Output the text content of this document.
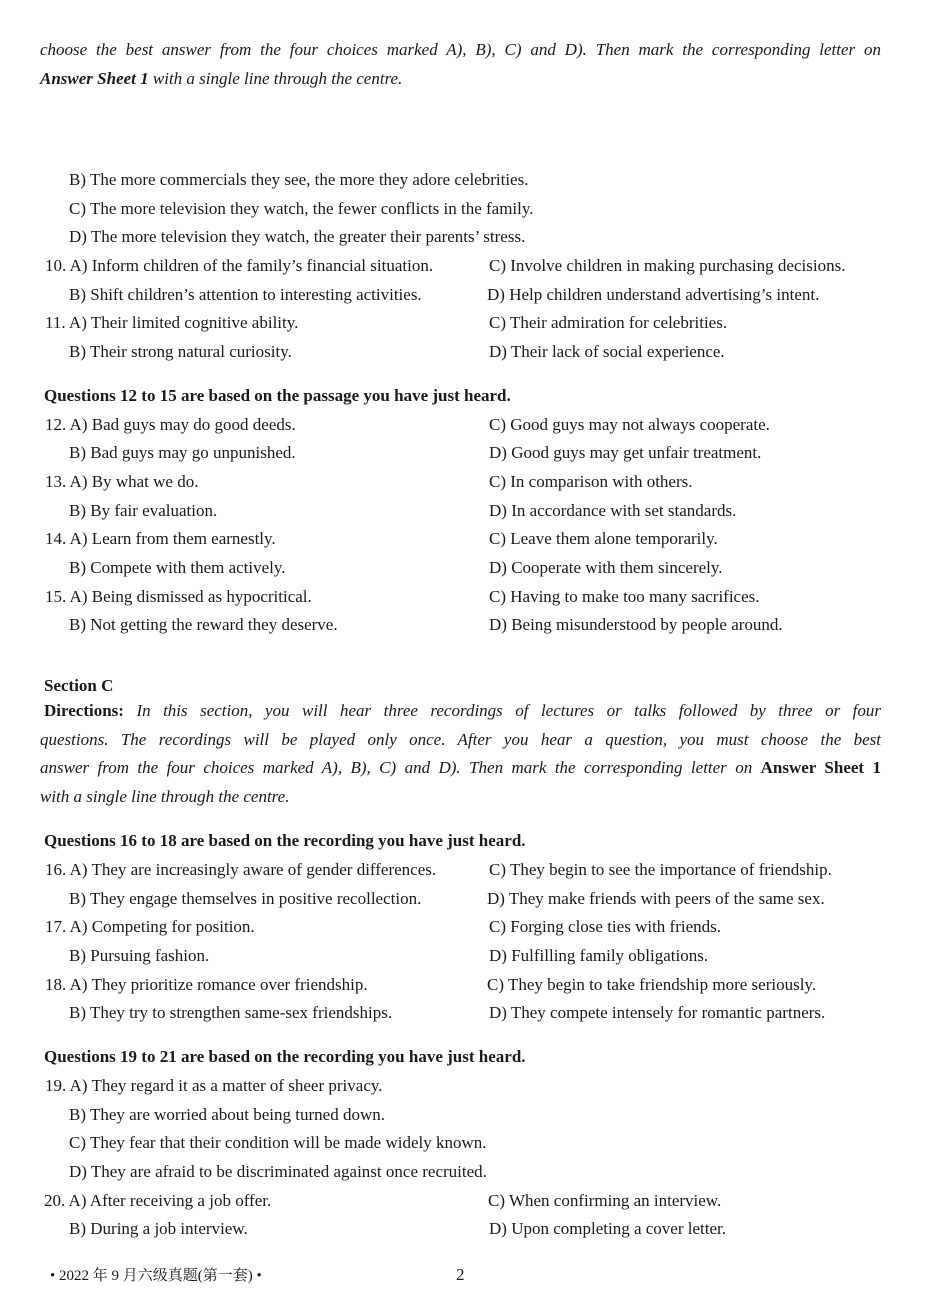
choose the best answer from the four choices marked A), B), C) and D). Then mark the corresponding letter on
Answer Sheet 1 with a single line through the centre.
B) The more commercials they see, the more they adore celebrities.
C) The more television they watch, the fewer conflicts in the family.
D) The more television they watch, the greater their parents’ stress.
10. A) Inform children of the family’s financial situation.	C) Involve children in making purchasing decisions.
B) Shift children’s attention to interesting activities.	D) Help children understand advertising’s intent.
11. A) Their limited cognitive ability.	C) Their admiration for celebrities.
B) Their strong natural curiosity.	D) Their lack of social experience.
Questions 12 to 15 are based on the passage you have just heard.
12. A) Bad guys may do good deeds.	C) Good guys may not always cooperate.
B) Bad guys may go unpunished.	D) Good guys may get unfair treatment.
13. A) By what we do.	C) In comparison with others.
B) By fair evaluation.	D) In accordance with set standards.
14. A) Learn from them earnestly.	C) Leave them alone temporarily.
B) Compete with them actively.	D) Cooperate with them sincerely.
15. A) Being dismissed as hypocritical.	C) Having to make too many sacrifices.
B) Not getting the reward they deserve.	D) Being misunderstood by people around.
Section C
Directions: In this section, you will hear three recordings of lectures or talks followed by three or four
questions. The recordings will be played only once. After you hear a question, you must choose the best
answer from the four choices marked A), B), C) and D). Then mark the corresponding letter on Answer Sheet 1
with a single line through the centre.
Questions 16 to 18 are based on the recording you have just heard.
16. A) They are increasingly aware of gender differences.	C) They begin to see the importance of friendship.
B) They engage themselves in positive recollection.	D) They make friends with peers of the same sex.
17. A) Competing for position.	C) Forging close ties with friends.
B) Pursuing fashion.	D) Fulfilling family obligations.
18. A) They prioritize romance over friendship.	C) They begin to take friendship more seriously.
B) They try to strengthen same-sex friendships.	D) They compete intensely for romantic partners.
Questions 19 to 21 are based on the recording you have just heard.
19. A) They regard it as a matter of sheer privacy.
B) They are worried about being turned down.
C) They fear that their condition will be made widely known.
D) They are afraid to be discriminated against once recruited.
20. A) After receiving a job offer.	C) When confirming an interview.
B) During a job interview.	D) Upon completing a cover letter.
• 2022 年 9 月六级真题(第一套) •	2
